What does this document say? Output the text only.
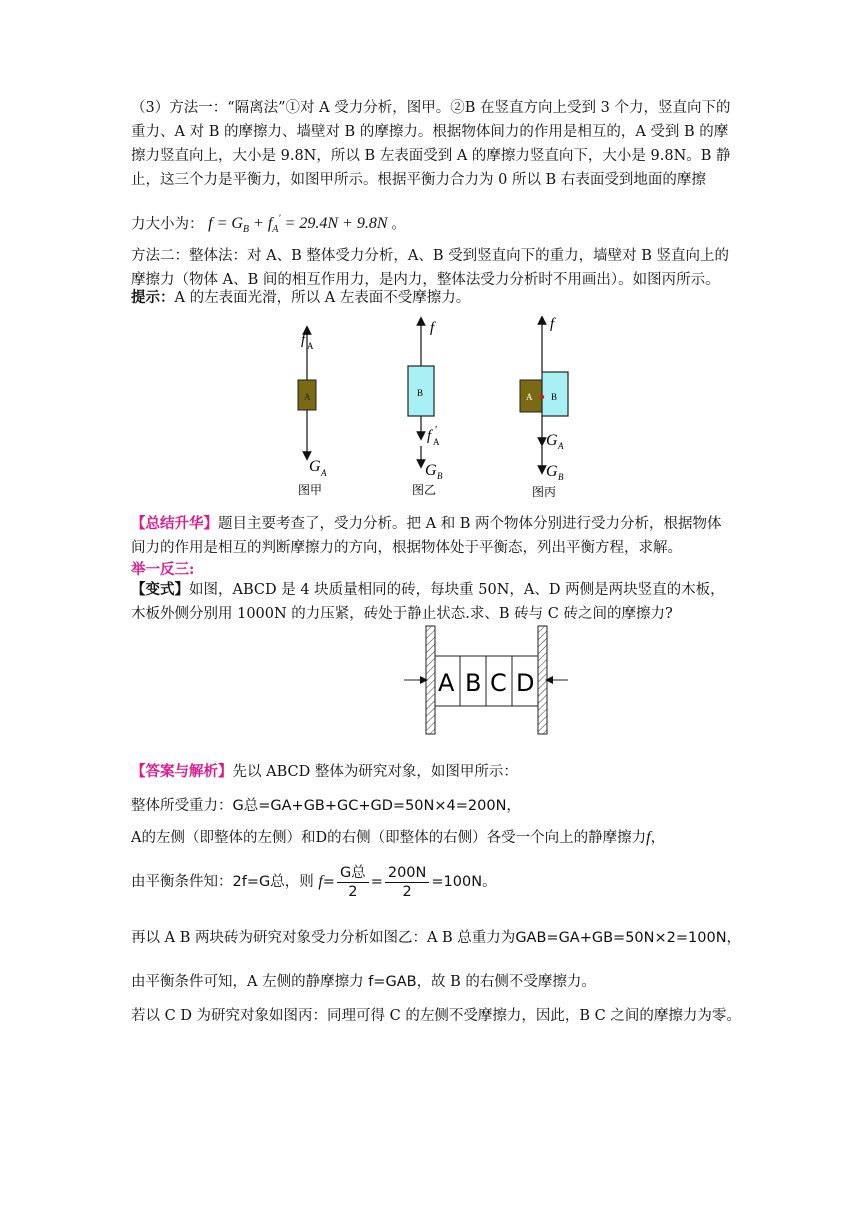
（3）方法一：“隔离法”①对 A 受力分析，图甲。②B 在竖直方向上受到 3 个力，竖直向下的重力、A 对 B 的摩擦力、墙壁对 B 的摩擦力。根据物体间力的作用是相互的，A 受到 B 的摩擦力竖直向上，大小是 9.8N，所以 B 左表面受到 A 的摩擦力竖直向下，大小是 9.8N。B 静止，这三个力是平衡力，如图甲所示。根据平衡力合力为 0 所以 B 右表面受到地面的摩擦

力大小为： $f = G_B + f_A' = 29.4N + 9.8N$ 。

方法二：整体法：对 A、B 整体受力分析，A、B 受到竖直向下的重力，墙壁对 B 竖直向上的摩擦力（物体 A、B 间的相互作用力，是内力，整体法受力分析时不用画出）。如图丙所示。

提示：A 的左表面光滑，所以 A 左表面不受摩擦力。

A
f A
G A
图甲
B
f
f A
′
G B
图乙
A B
f
G A
G B
图丙

【总结升华】题目主要考查了，受力分析。把 A 和 B 两个物体分别进行受力分析，根据物体间力的作用是相互的判断摩擦力的方向，根据物体处于平衡态，列出平衡方程，求解。

举一反三:

【变式】如图，ABCD 是 4 块质量相同的砖，每块重 50N，A、D 两侧是两块竖直的木板，木板外侧分别用 1000N 的力压紧，砖处于静止状态.求、B 砖与 C 砖之间的摩擦力?

A B C D

【答案与解析】先以 ABCD 整体为研究对象，如图甲所示：

整体所受重力：G总=GA+GB+GC+GD=50N×4=200N，

A的左侧（即整体的左侧）和D的右侧（即整体的右侧）各受一个向上的静摩擦力f，

由平衡条件知：2f=G总，则 $f= \frac{\text{G总}}{2} = \frac{200N}{2} =100N$。

再以 A B 两块砖为研究对象受力分析如图乙：A B 总重力为GAB=GA+GB=50N×2=100N，

由平衡条件可知，A 左侧的静摩擦力 f=GAB，故 B 的右侧不受摩擦力。

若以 C D 为研究对象如图丙：同理可得 C 的左侧不受摩擦力，因此，B C 之间的摩擦力为零。
